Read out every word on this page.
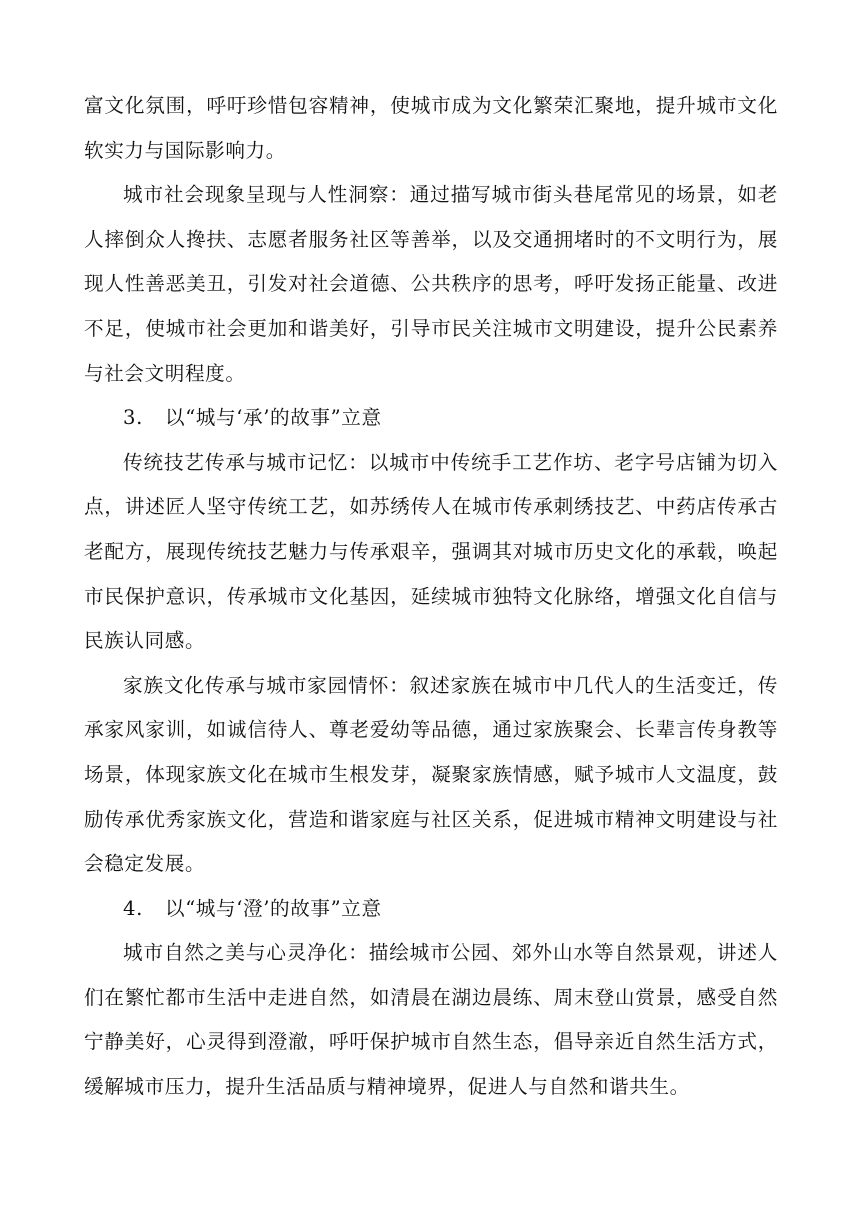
富文化氛围，呼吁珍惜包容精神，使城市成为文化繁荣汇聚地，提升城市文化软实力与国际影响力。

城市社会现象呈现与人性洞察：通过描写城市街头巷尾常见的场景，如老人摔倒众人搀扶、志愿者服务社区等善举，以及交通拥堵时的不文明行为，展现人性善恶美丑，引发对社会道德、公共秩序的思考，呼吁发扬正能量、改进不足，使城市社会更加和谐美好，引导市民关注城市文明建设，提升公民素养与社会文明程度。

3. 以“城与‘承’的故事”立意

传统技艺传承与城市记忆：以城市中传统手工艺作坊、老字号店铺为切入点，讲述匠人坚守传统工艺，如苏绣传人在城市传承刺绣技艺、中药店传承古老配方，展现传统技艺魅力与传承艰辛，强调其对城市历史文化的承载，唤起市民保护意识，传承城市文化基因，延续城市独特文化脉络，增强文化自信与民族认同感。

家族文化传承与城市家园情怀：叙述家族在城市中几代人的生活变迁，传承家风家训，如诚信待人、尊老爱幼等品德，通过家族聚会、长辈言传身教等场景，体现家族文化在城市生根发芽，凝聚家族情感，赋予城市人文温度，鼓励传承优秀家族文化，营造和谐家庭与社区关系，促进城市精神文明建设与社会稳定发展。

4. 以“城与‘澄’的故事”立意

城市自然之美与心灵净化：描绘城市公园、郊外山水等自然景观，讲述人们在繁忙都市生活中走进自然，如清晨在湖边晨练、周末登山赏景，感受自然宁静美好，心灵得到澄澈，呼吁保护城市自然生态，倡导亲近自然生活方式，缓解城市压力，提升生活品质与精神境界，促进人与自然和谐共生。
